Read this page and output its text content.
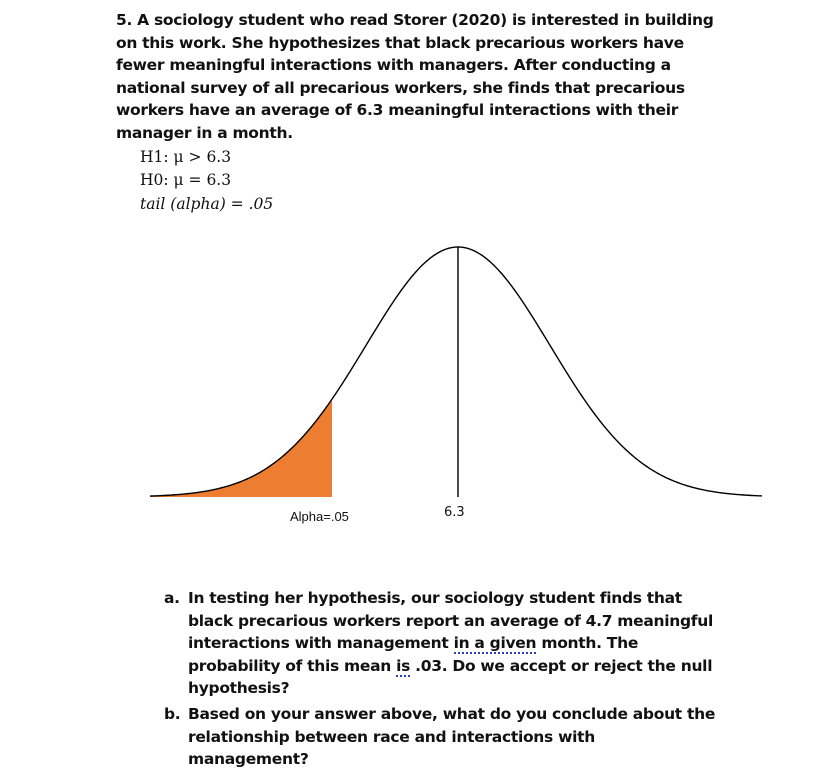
5. A sociology student who read Storer (2020) is interested in building on this work. She hypothesizes that black precarious workers have fewer meaningful interactions with managers. After conducting a national survey of all precarious workers, she finds that precarious workers have an average of 6.3 meaningful interactions with their manager in a month.
H1: μ > 6.3
H0: μ = 6.3
tail (alpha) = .05
Alpha=.05	6.3
a. In testing her hypothesis, our sociology student finds that black precarious workers report an average of 4.7 meaningful interactions with management in a given month. The probability of this mean is .03. Do we accept or reject the null hypothesis?
b. Based on your answer above, what do you conclude about the relationship between race and interactions with management?
